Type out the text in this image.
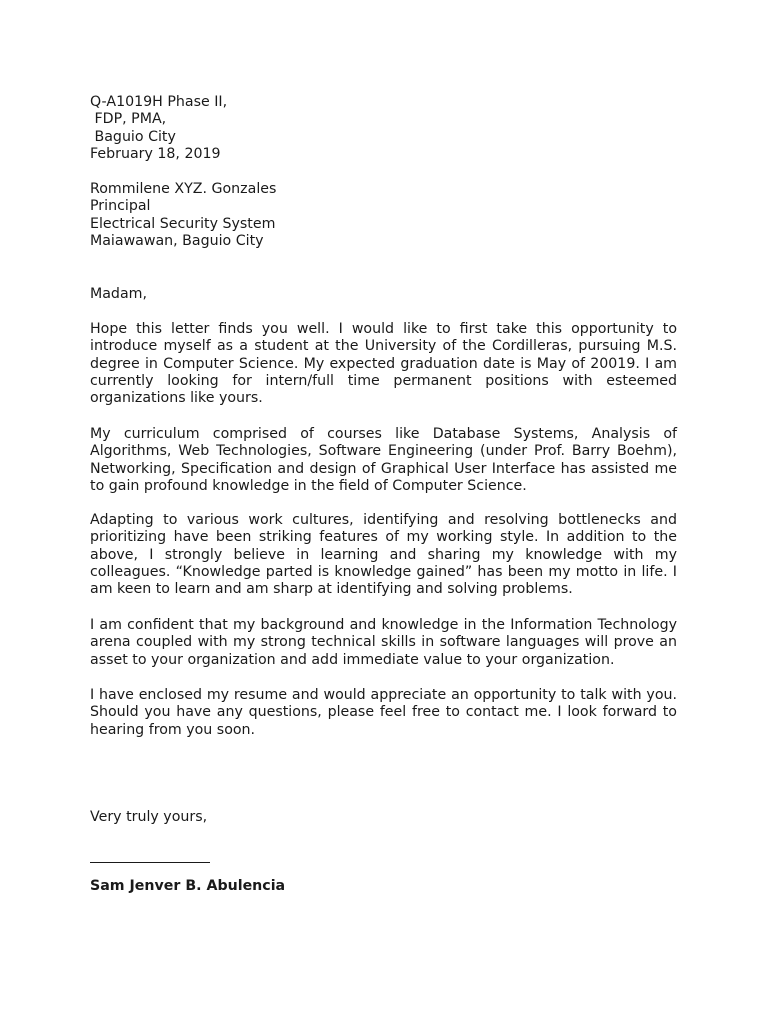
Q-A1019H Phase II,
FDP, PMA,
Baguio City
February 18, 2019
Rommilene XYZ. Gonzales
Principal
Electrical Security System
Maiawawan, Baguio City
Madam,
Hope this letter finds you well. I would like to first take this opportunity to introduce myself as a student at the University of the Cordilleras, pursuing M.S. degree in Computer Science. My expected graduation date is May of 20019. I am currently looking for intern/full time permanent positions with esteemed organizations like yours.
My curriculum comprised of courses like Database Systems, Analysis of Algorithms, Web Technologies, Software Engineering (under Prof. Barry Boehm), Networking, Specification and design of Graphical User Interface has assisted me to gain profound knowledge in the field of Computer Science.
Adapting to various work cultures, identifying and resolving bottlenecks and prioritizing have been striking features of my working style. In addition to the above, I strongly believe in learning and sharing my knowledge with my colleagues. “Knowledge parted is knowledge gained” has been my motto in life. I am keen to learn and am sharp at identifying and solving problems.
I am confident that my background and knowledge in the Information Technology arena coupled with my strong technical skills in software languages will prove an asset to your organization and add immediate value to your organization.
I have enclosed my resume and would appreciate an opportunity to talk with you. Should you have any questions, please feel free to contact me. I look forward to hearing from you soon.
Very truly yours,
Sam Jenver B. Abulencia
